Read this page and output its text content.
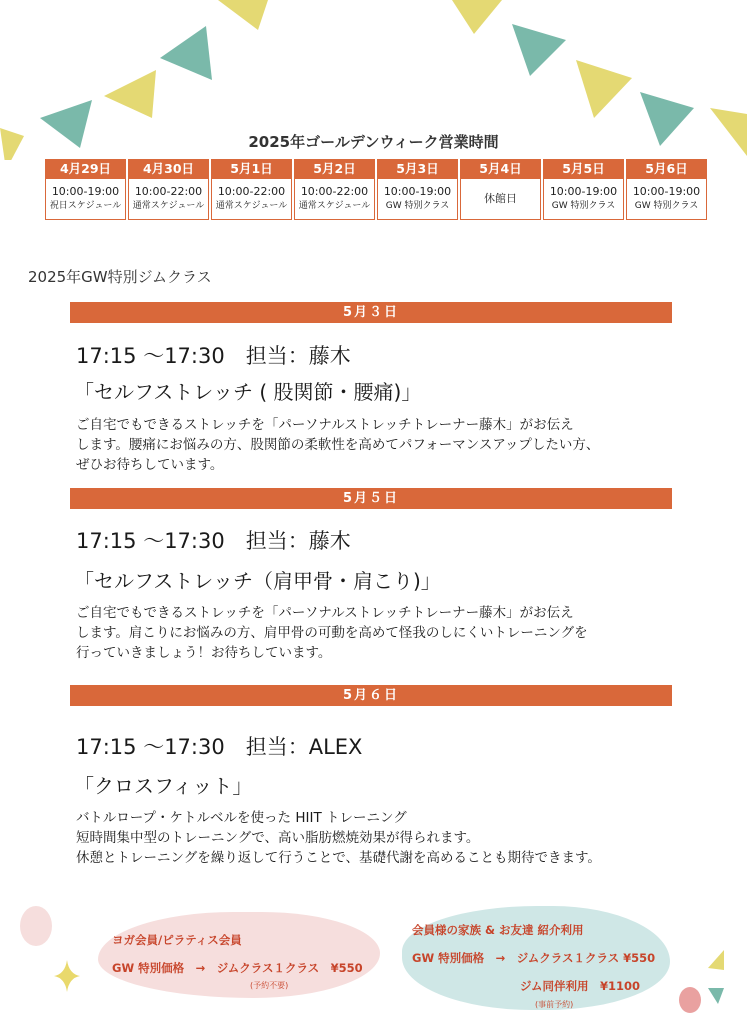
2025年ゴールデンウィーク営業時間
4月29日
10:00-19:00
祝日スケジュール
4月30日
10:00-22:00
通常スケジュール
5月1日
10:00-22:00
通常スケジュール
5月2日
10:00-22:00
通常スケジュール
5月3日
10:00-19:00
GW 特別クラス
5月4日
休館日
5月5日
10:00-19:00
GW 特別クラス
5月6日
10:00-19:00
GW 特別クラス
2025年GW特別ジムクラス
5月３日
17:15 〜17:30　担当：藤木
「セルフストレッチ ( 股関節・腰痛)」
ご自宅でもできるストレッチを「パーソナルストレッチトレーナー藤木」がお伝え
します。腰痛にお悩みの方、股関節の柔軟性を高めてパフォーマンスアップしたい方、
ぜひお待ちしています。
5月５日
17:15 〜17:30　担当：藤木
「セルフストレッチ（肩甲骨・肩こり)」
ご自宅でもできるストレッチを「パーソナルストレッチトレーナー藤木」がお伝え
します。肩こりにお悩みの方、肩甲骨の可動を高めて怪我のしにくいトレーニングを
行っていきましょう！お待ちしています。
5月６日
17:15 〜17:30　担当：ALEX
「クロスフィット」
バトルロープ・ケトルベルを使った HIIT トレーニング
短時間集中型のトレーニングで、高い脂肪燃焼効果が得られます。
休憩とトレーニングを繰り返して行うことで、基礎代謝を高めることも期待できます。
ヨガ会員/ピラティス会員
GW 特別価格　→　ジムクラス１クラス　¥550
(予約不要)
会員様の家族 & お友達 紹介利用
GW 特別価格　→　ジムクラス１クラス ¥550
ジム同伴利用　¥1100
(事前予約)
